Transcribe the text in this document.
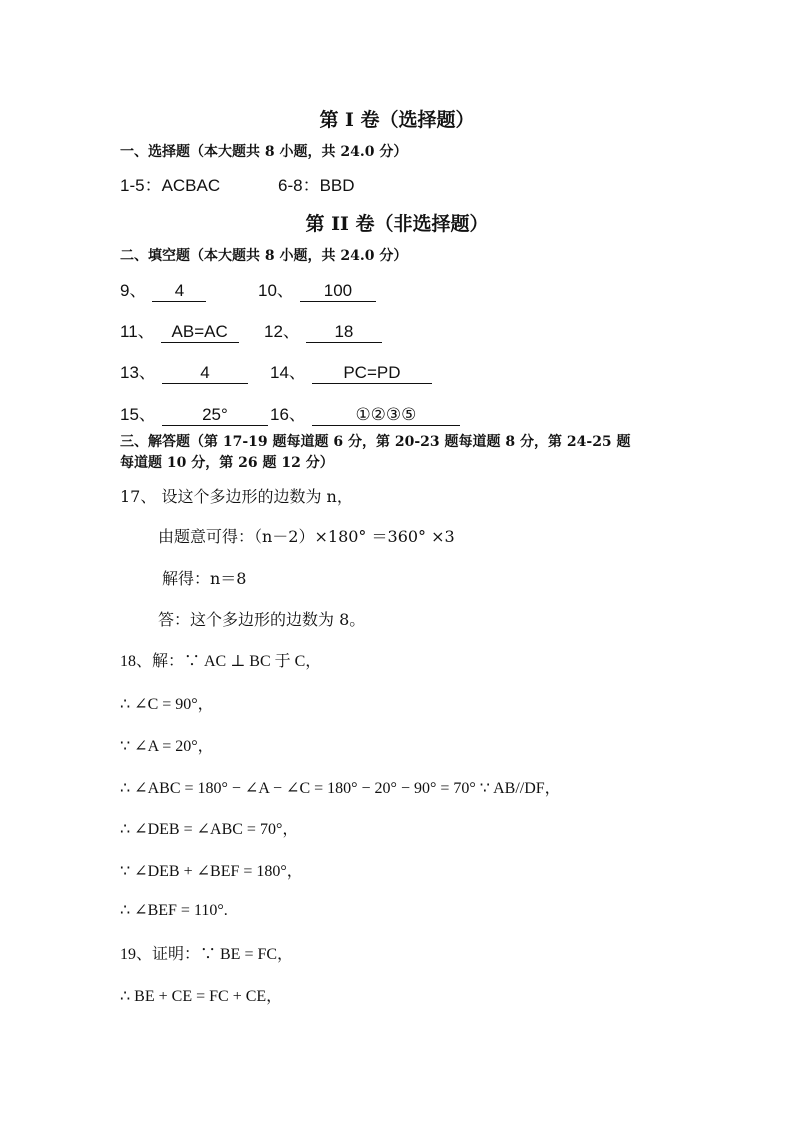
第 I 卷（选择题）
一、选择题（本大题共 8 小题，共 24.0 分）
1-5：ACBAC	6-8：BBD
第 II 卷（非选择题）
二、填空题（本大题共 8 小题，共 24.0 分）
9、 4	10、 100
11、 AB=AC	12、 18
13、	4	14、 PC=PD
15、	25°	16、	①②③⑤
三、解答题（第 17-19 题每道题 6 分，第 20-23 题每道题 8 分，第 24-25 题
每道题 10 分，第 26 题 12 分）
17、 设这个多边形的边数为 n，
由题意可得：（n－2）×180° ＝360° ×3
解得：n＝8
答：这个多边形的边数为 8。
18、解：∵ AC ⊥ BC 于 C，
∴ ∠C = 90°，
∵ ∠A = 20°，
∴ ∠ABC = 180° − ∠A − ∠C = 180° − 20° − 90° = 70° ∵ AB//DF，
∴ ∠DEB = ∠ABC = 70°，
∵ ∠DEB + ∠BEF = 180°，
∴ ∠BEF = 110°.
19、证明：∵ BE = FC，
∴ BE + CE = FC + CE，
